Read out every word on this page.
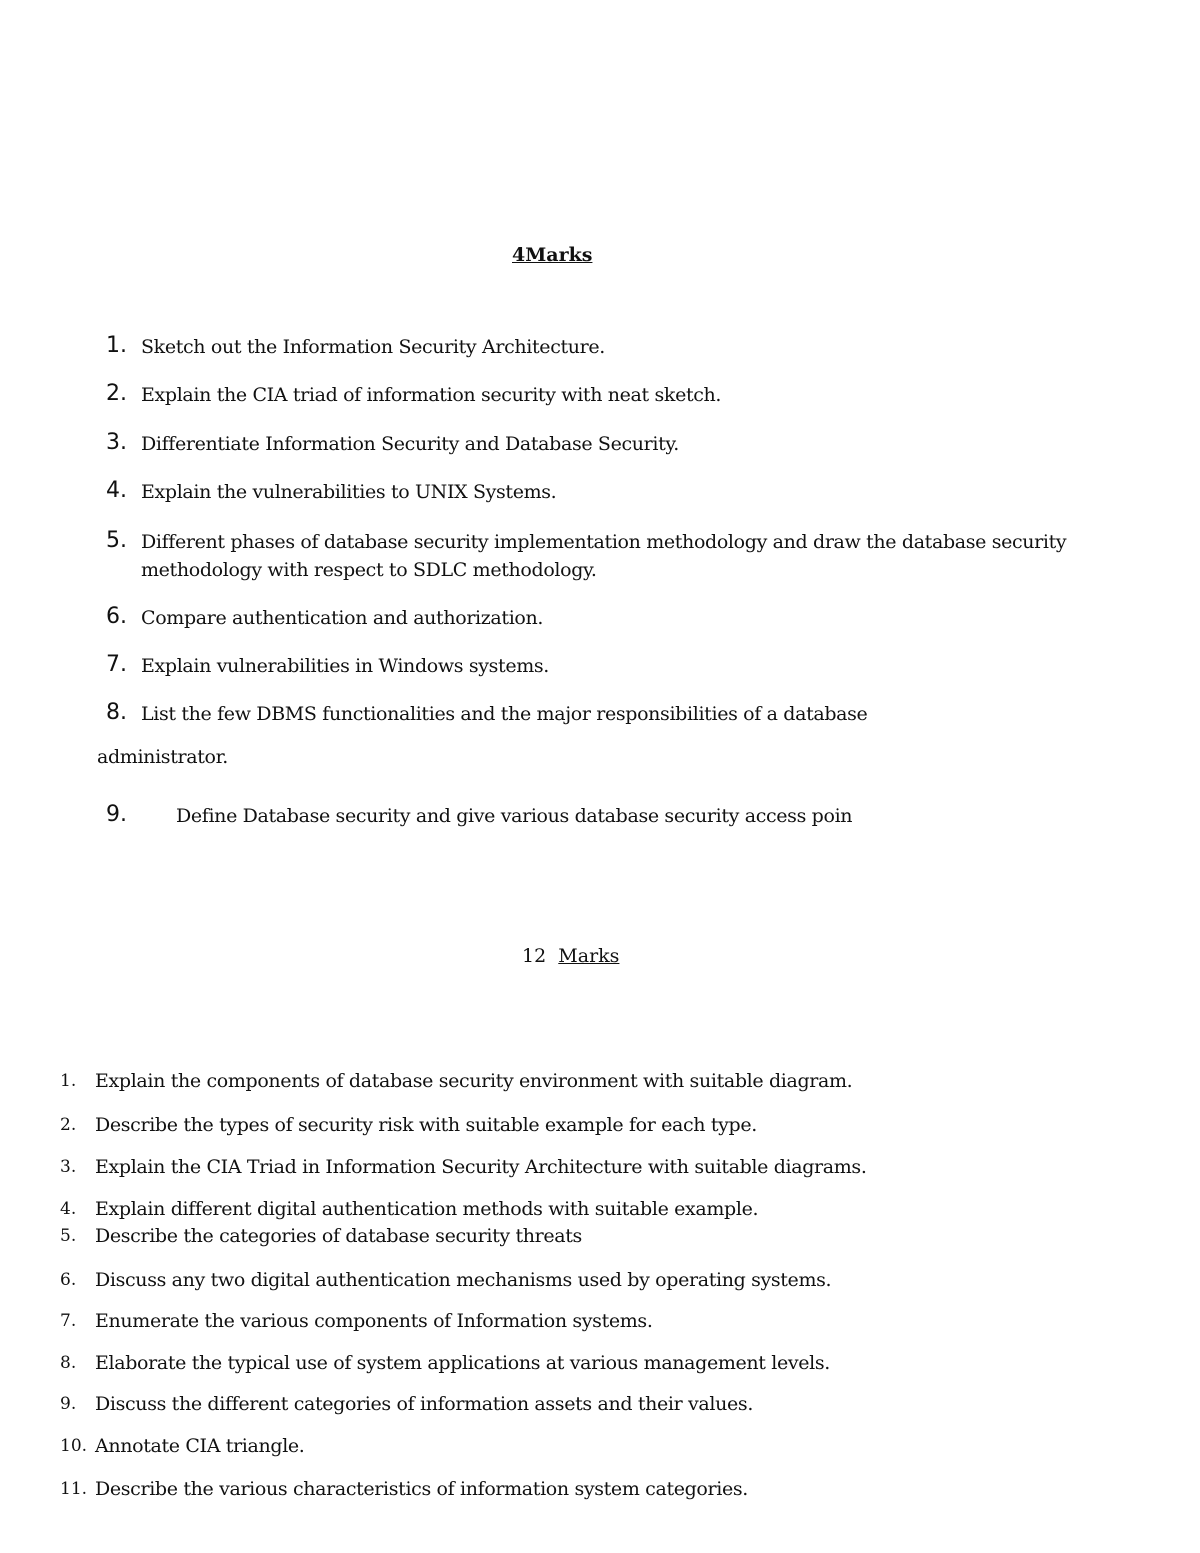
4Marks
1. Sketch out the Information Security Architecture.
2. Explain the CIA triad of information security with neat sketch.
3. Differentiate Information Security and Database Security.
4. Explain the vulnerabilities to UNIX Systems.
5. Different phases of database security implementation methodology and draw the database security
methodology with respect to SDLC methodology.
6. Compare authentication and authorization.
7. Explain vulnerabilities in Windows systems.
8. List the few DBMS functionalities and the major responsibilities of a database
administrator.
9.	Define Database security and give various database security access poin
12 Marks
1. Explain the components of database security environment with suitable diagram.
2. Describe the types of security risk with suitable example for each type.
3. Explain the CIA Triad in Information Security Architecture with suitable diagrams.
4. Explain different digital authentication methods with suitable example.
5. Describe the categories of database security threats
6. Discuss any two digital authentication mechanisms used by operating systems.
7. Enumerate the various components of Information systems.
8. Elaborate the typical use of system applications at various management levels.
9. Discuss the different categories of information assets and their values.
10. Annotate CIA triangle.
11. Describe the various characteristics of information system categories.
